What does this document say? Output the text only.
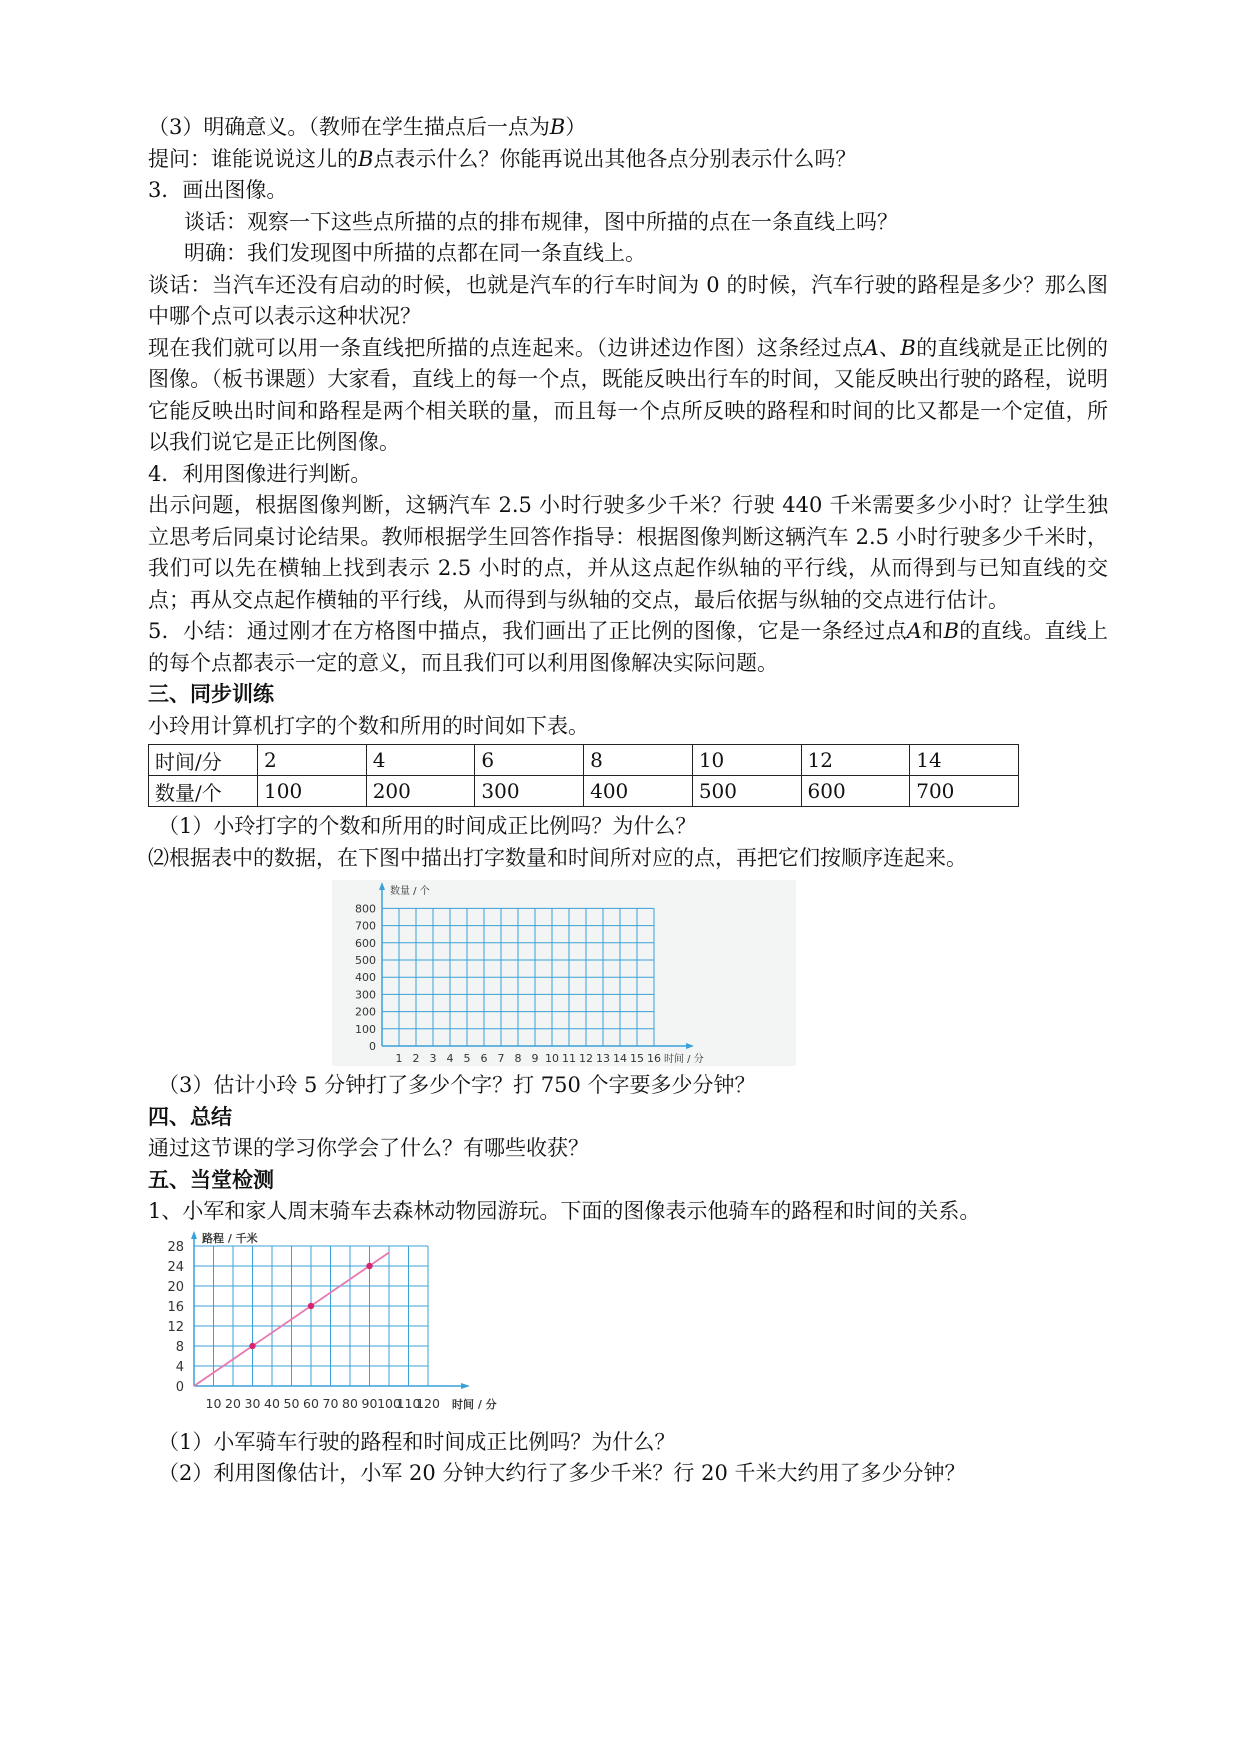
（3）明确意义。（教师在学生描点后一点为B）
提问：谁能说说这儿的B点表示什么？你能再说出其他各点分别表示什么吗？
3．画出图像。
谈话：观察一下这些点所描的点的排布规律，图中所描的点在一条直线上吗？
明确：我们发现图中所描的点都在同一条直线上。
谈话：当汽车还没有启动的时候，也就是汽车的行车时间为 0 的时候，汽车行驶的路程是多少？那么图中哪个点可以表示这种状况？
现在我们就可以用一条直线把所描的点连起来。（边讲述边作图）这条经过点A、B的直线就是正比例的图像。（板书课题）大家看，直线上的每一个点，既能反映出行车的时间，又能反映出行驶的路程，说明它能反映出时间和路程是两个相关联的量，而且每一个点所反映的路程和时间的比又都是一个定值，所以我们说它是正比例图像。
4．利用图像进行判断。
出示问题，根据图像判断，这辆汽车 2.5 小时行驶多少千米？行驶 440 千米需要多少小时？让学生独立思考后同桌讨论结果。教师根据学生回答作指导：根据图像判断这辆汽车 2.5 小时行驶多少千米时，我们可以先在横轴上找到表示 2.5 小时的点，并从这点起作纵轴的平行线，从而得到与已知直线的交点；再从交点起作横轴的平行线，从而得到与纵轴的交点，最后依据与纵轴的交点进行估计。
5．小结：通过刚才在方格图中描点，我们画出了正比例的图像，它是一条经过点A和B的直线。直线上的每个点都表示一定的意义，而且我们可以利用图像解决实际问题。
三、同步训练
小玲用计算机打字的个数和所用的时间如下表。
时间/分	2	4	6	8	10	12	14
数量/个	100	200	300	400	500	600	700
（1）小玲打字的个数和所用的时间成正比例吗？为什么？
⑵根据表中的数据，在下图中描出打字数量和时间所对应的点，再把它们按顺序连起来。
0
100
200
300
400
500
600
700
800
1 2 3 4 5 6 7 8 9 10 11 12 13 14 15 16
数量 / 个
时间 / 分
（3）估计小玲 5 分钟打了多少个字？打 750 个字要多少分钟？
四、总结
通过这节课的学习你学会了什么？有哪些收获？
五、当堂检测
1、小军和家人周末骑车去森林动物园游玩。下面的图像表示他骑车的路程和时间的关系。
0
4
8
12
16
20
24
28
10 20 30 40 50 60 70 80 90 100
110
120
路程 / 千米
时间 / 分
（1）小军骑车行驶的路程和时间成正比例吗？为什么？
（2）利用图像估计，小军 20 分钟大约行了多少千米？行 20 千米大约用了多少分钟？
